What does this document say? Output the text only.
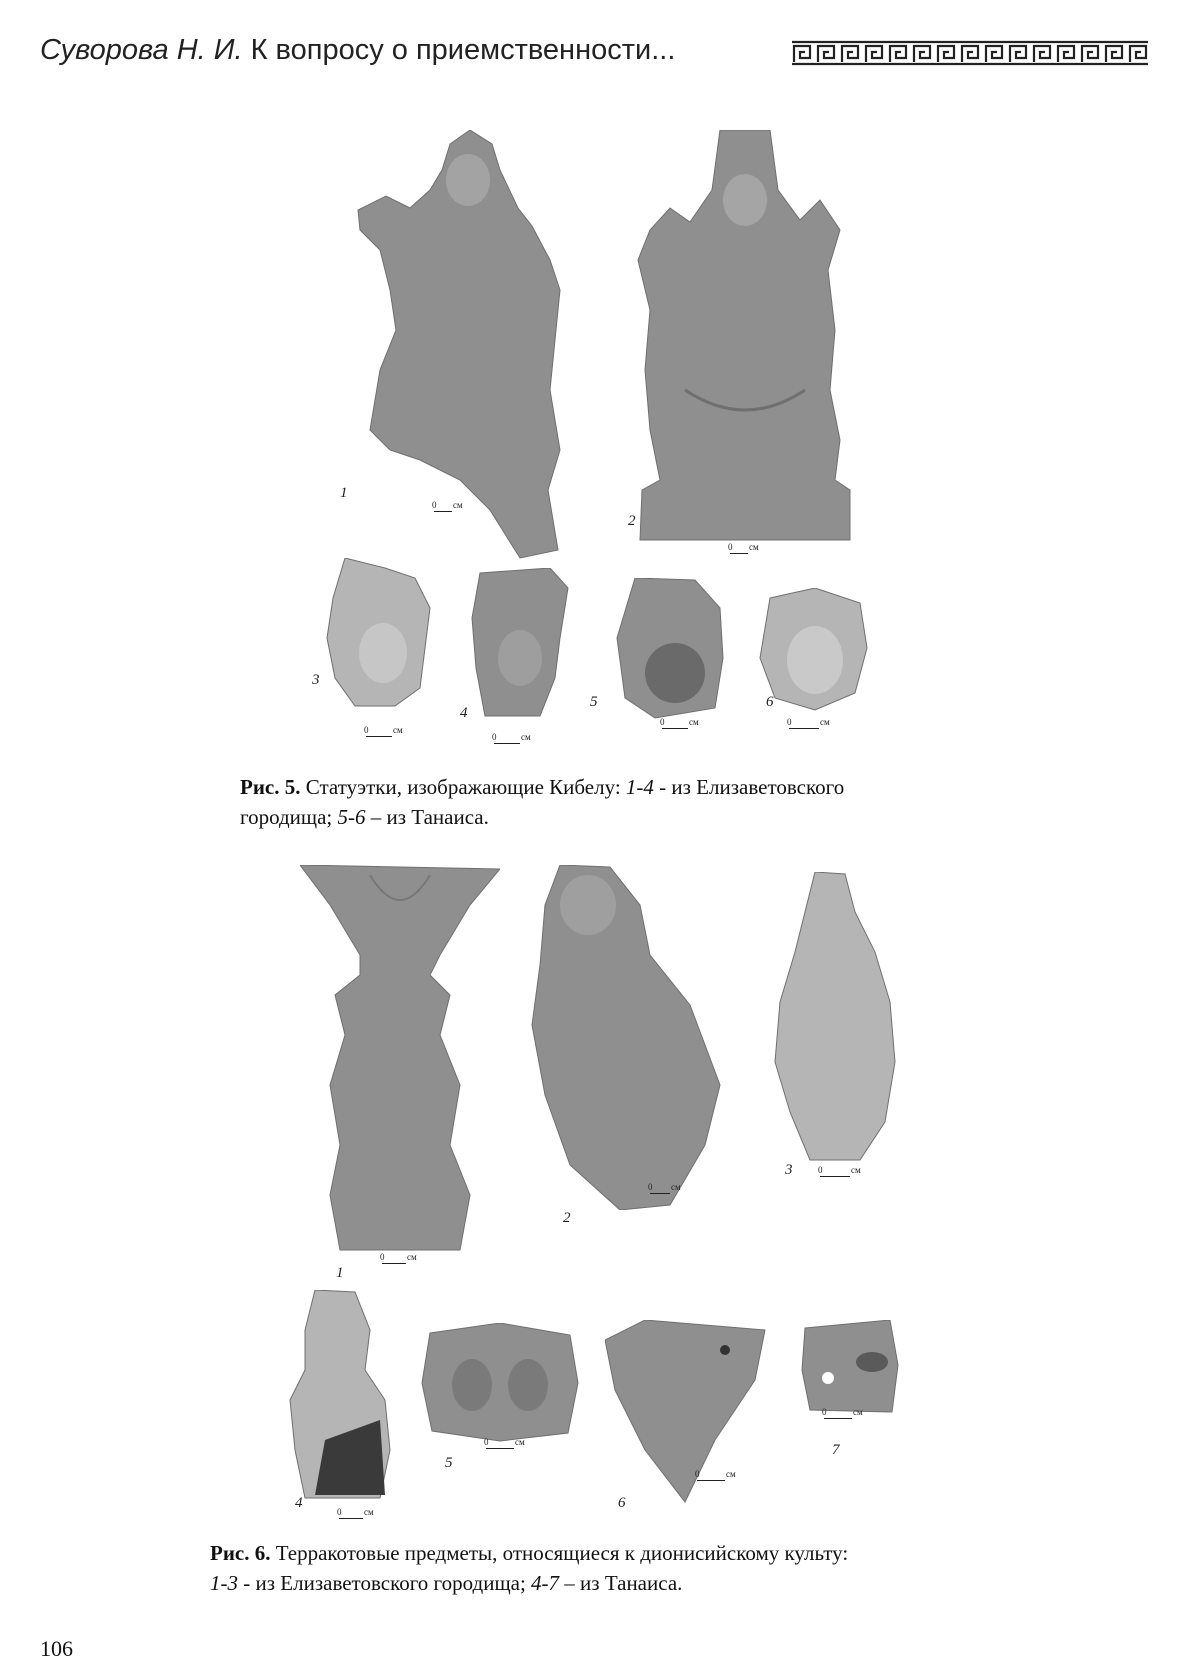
Суворова Н. И. К вопросу о приемственности...
1
0 см
2
0 см
3
0	см
4
0	см
5
0	см
6
0	см
Рис. 5. Статуэтки, изображающие Кибелу: 1-4 - из Елизаветовского
городища; 5-6 – из Танаиса.
1
0	см
2
0 см
3	0	см
4
0	см
5
0	см
6
0	см
7
0	см
Рис. 6. Терракотовые предметы, относящиеся к дионисийскому культу:
1-3 - из Елизаветовского городища; 4-7 – из Танаиса.
106
